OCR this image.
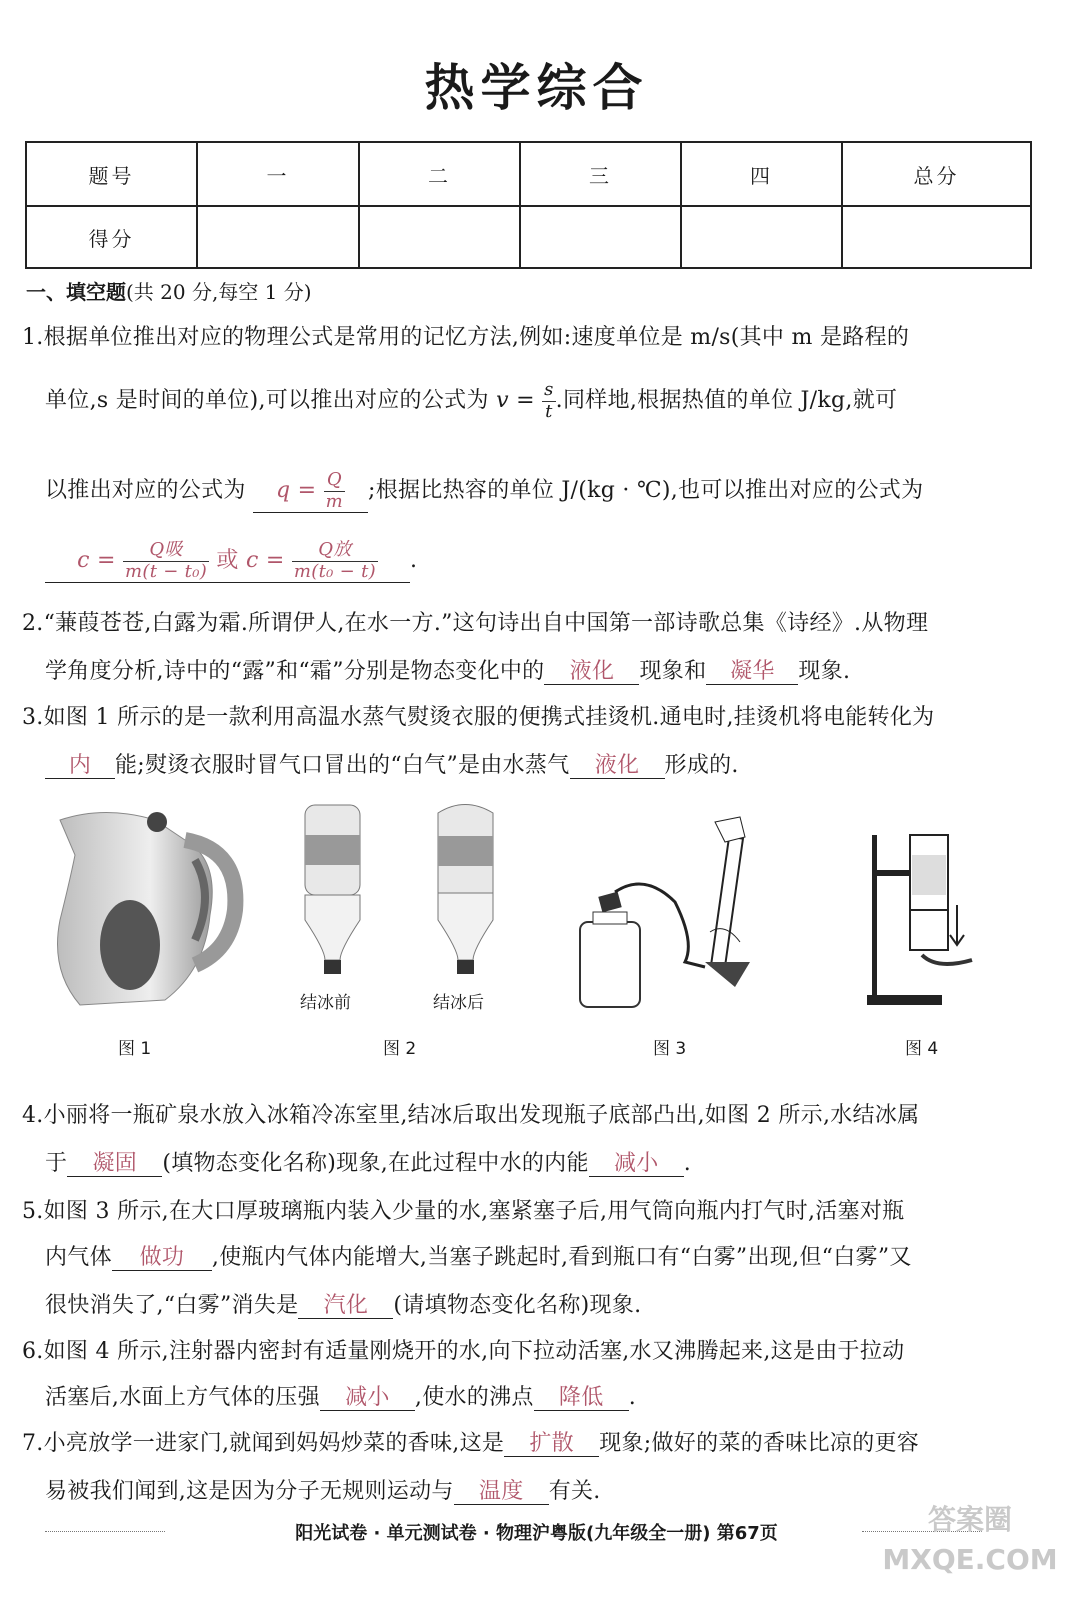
热学综合
题号	一	二	三	四	总分
得分					
一、填空题(共 20 分,每空 1 分)
1.根据单位推出对应的物理公式是常用的记忆方法,例如:速度单位是 m/s(其中 m 是路程的
单位,s 是时间的单位),可以推出对应的公式为 $v = \frac{s}{t}$ .同样地,根据热值的单位 J/kg,就可
以推出对应的公式为 $q = \frac{Q}{m}$ ;根据比热容的单位 J/(kg · ℃),也可以推出对应的公式为
$c = \frac{\text{Q吸}}{\text{m(t − t₀)}}$ 或 $c = \frac{\text{Q放}}{\text{m(t₀ − t)}}$ .
2.“蒹葭苍苍,白露为霜.所谓伊人,在水一方.”这句诗出自中国第一部诗歌总集《诗经》.从物理
学角度分析,诗中的“露”和“霜”分别是物态变化中的 液化 现象和 凝华 现象.
3.如图 1 所示的是一款利用高温水蒸气熨烫衣服的便携式挂烫机.通电时,挂烫机将电能转化为
内 能;熨烫衣服时冒气口冒出的“白气”是由水蒸气 液化 形成的.
结冰前	结冰后
图 1	图 2	图 3	图 4
4.小丽将一瓶矿泉水放入冰箱冷冻室里,结冰后取出发现瓶子底部凸出,如图 2 所示,水结冰属
于 凝固 (填物态变化名称)现象,在此过程中水的内能 减小 .
5.如图 3 所示,在大口厚玻璃瓶内装入少量的水,塞紧塞子后,用气筒向瓶内打气时,活塞对瓶
内气体 做功 ,使瓶内气体内能增大,当塞子跳起时,看到瓶口有“白雾”出现,但“白雾”又
很快消失了,“白雾”消失是 汽化 (请填物态变化名称)现象.
6.如图 4 所示,注射器内密封有适量刚烧开的水,向下拉动活塞,水又沸腾起来,这是由于拉动
活塞后,水面上方气体的压强 减小 ,使水的沸点 降低 .
7.小亮放学一进家门,就闻到妈妈炒菜的香味,这是 扩散 现象;做好的菜的香味比凉的更容
易被我们闻到,这是因为分子无规则运动与 温度 有关.
阳光试卷 · 单元测试卷 · 物理沪粤版(九年级全一册) 第67页	答案圈 MXQE.COM
